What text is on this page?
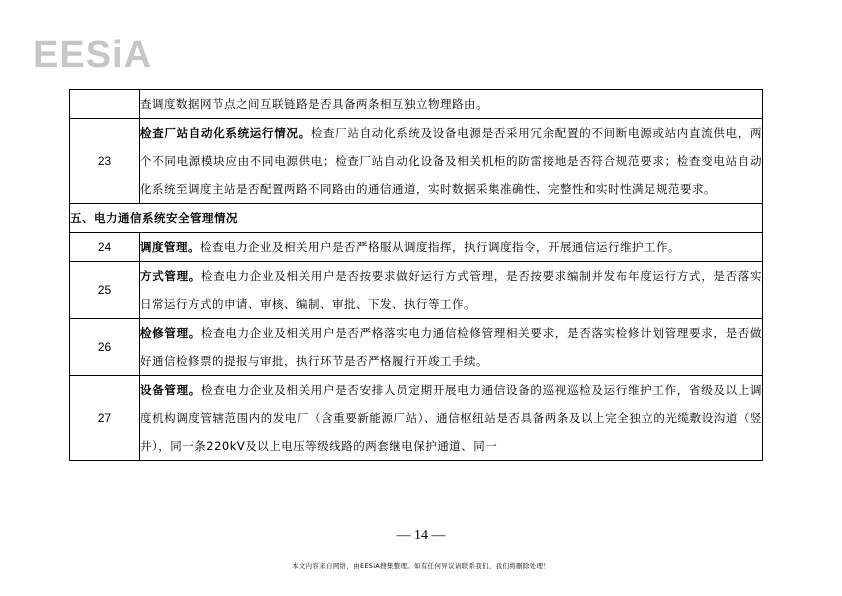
EESiA
	查调度数据网节点之间互联链路是否具备两条相互独立物理路由。
23	检查厂站自动化系统运行情况。检查厂站自动化系统及设备电源是否采用冗余配置的不间断电源或站内直流供电，两个不同电源模块应由不同电源供电；检查厂站自动化设备及相关机柜的防雷接地是否符合规范要求；检查变电站自动化系统至调度主站是否配置两路不同路由的通信通道，实时数据采集准确性、完整性和实时性满足规范要求。
五、电力通信系统安全管理情况	
24	调度管理。检查电力企业及相关用户是否严格服从调度指挥，执行调度指令，开展通信运行维护工作。
25	方式管理。检查电力企业及相关用户是否按要求做好运行方式管理，是否按要求编制并发布年度运行方式，是否落实日常运行方式的申请、审核、编制、审批、下发、执行等工作。
26	检修管理。检查电力企业及相关用户是否严格落实电力通信检修管理相关要求，是否落实检修计划管理要求，是否做好通信检修票的提报与审批，执行环节是否严格履行开竣工手续。
27	设备管理。检查电力企业及相关用户是否安排人员定期开展电力通信设备的巡视巡检及运行维护工作，省级及以上调度机构调度管辖范围内的发电厂（含重要新能源厂站）、通信枢纽站是否具备两条及以上完全独立的光缆敷设沟道（竖井），同一条220kV及以上电压等级线路的两套继电保护通道、同一
— 14 —
本文内容来自网络，由EESiA搜集整理。如有任何异议请联系我们，我们将删除处理！
